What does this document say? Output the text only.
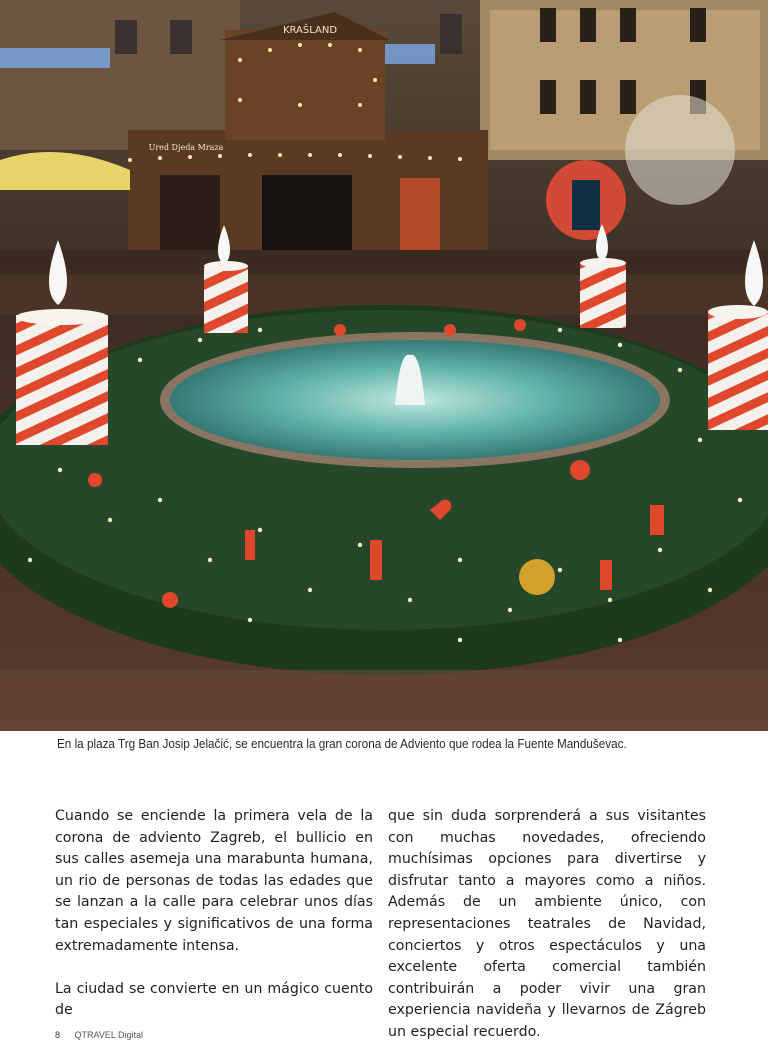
KRAŠLAND
Ured Djeda Mraza
En la plaza Trg Ban Josip Jelačić, se encuentra la gran corona de Adviento que rodea la Fuente Manduševac.

Cuando se enciende la primera vela de la corona de adviento Zagreb, el bullicio en sus calles asemeja una marabunta humana, un rio de personas de todas las edades que se lanzan a la calle para celebrar unos días tan especiales y significativos de una forma extremadamente intensa.

La ciudad se convierte en un mágico cuento de

que sin duda sorprenderá a sus visitantes con muchas novedades, ofreciendo muchísimas opciones para divertirse y disfrutar tanto a mayores como a niños. Además de un ambiente único, con representaciones teatrales de Navidad, conciertos y otros espectáculos y una excelente oferta comercial también contribuirán a poder vivir una gran experiencia navideña y llevarnos de Zágreb un especial recuerdo.

8 QTRAVEL Digital
